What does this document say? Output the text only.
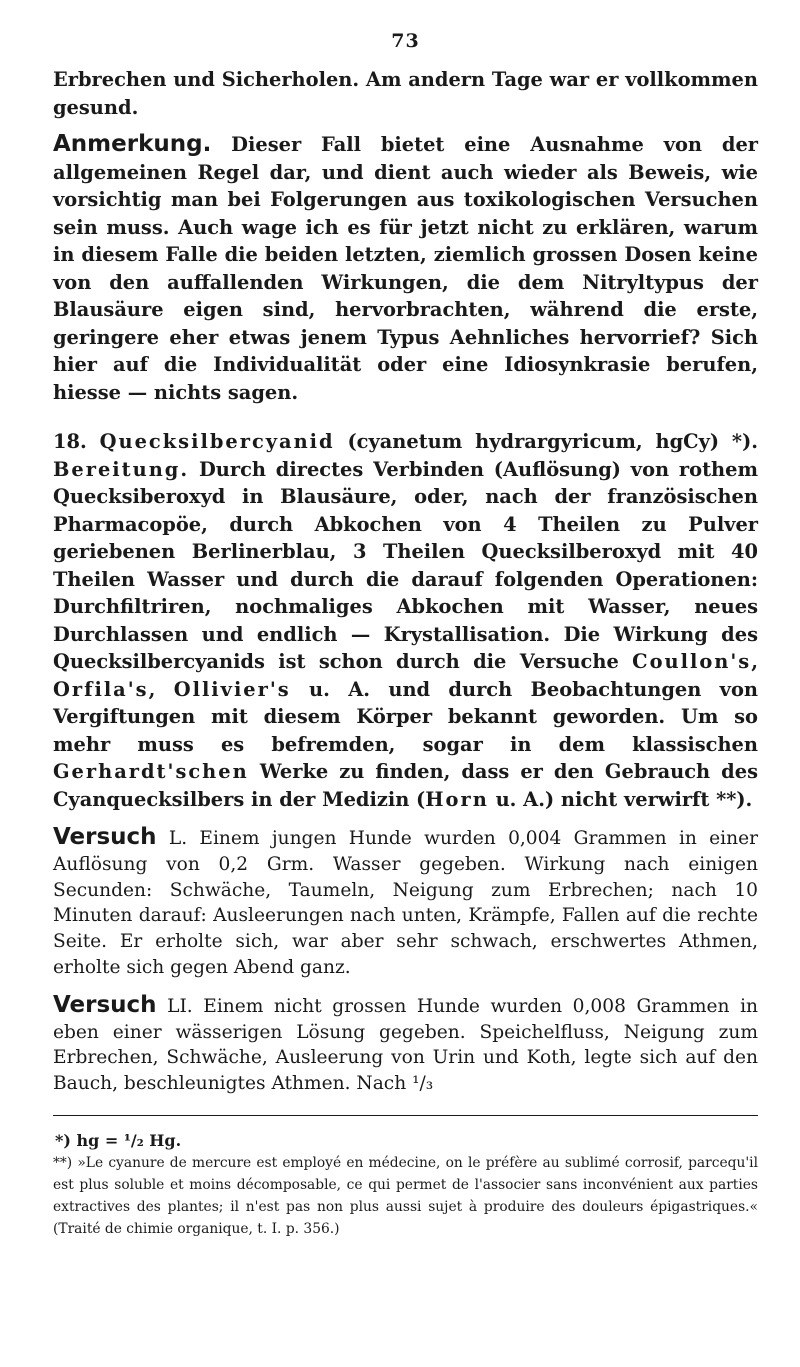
73

Erbrechen und Sicherholen. Am andern Tage war er vollkommen gesund.

Anmerkung. Dieser Fall bietet eine Ausnahme von der allgemeinen Regel dar, und dient auch wieder als Beweis, wie vorsichtig man bei Folgerungen aus toxikologischen Versuchen sein muss. Auch wage ich es für jetzt nicht zu erklären, warum in diesem Falle die beiden letzten, ziemlich grossen Dosen keine von den auffallenden Wirkungen, die dem Nitryltypus der Blausäure eigen sind, hervorbrachten, während die erste, geringere eher etwas jenem Typus Aehnliches hervorrief? Sich hier auf die Individualität oder eine Idiosynkrasie berufen, hiesse — nichts sagen.

18. Quecksilbercyanid (cyanetum hydrargyricum, hgCy) *). Bereitung. Durch directes Verbinden (Auflösung) von rothem Quecksiberoxyd in Blausäure, oder, nach der französischen Pharmacopöe, durch Abkochen von 4 Theilen zu Pulver geriebenen Berlinerblau, 3 Theilen Quecksilberoxyd mit 40 Theilen Wasser und durch die darauf folgenden Operationen: Durchfiltriren, nochmaliges Abkochen mit Wasser, neues Durchlassen und endlich — Krystallisation. Die Wirkung des Quecksilbercyanids ist schon durch die Versuche Coullon's, Orfila's, Ollivier's u. A. und durch Beobachtungen von Vergiftungen mit diesem Körper bekannt geworden. Um so mehr muss es befremden, sogar in dem klassischen Gerhardt'schen Werke zu finden, dass er den Gebrauch des Cyanquecksilbers in der Medizin (Horn u. A.) nicht verwirft **).

Versuch L. Einem jungen Hunde wurden 0,004 Grammen in einer Auflösung von 0,2 Grm. Wasser gegeben. Wirkung nach einigen Secunden: Schwäche, Taumeln, Neigung zum Erbrechen; nach 10 Minuten darauf: Ausleerungen nach unten, Krämpfe, Fallen auf die rechte Seite. Er erholte sich, war aber sehr schwach, erschwertes Athmen, erholte sich gegen Abend ganz.

Versuch LI. Einem nicht grossen Hunde wurden 0,008 Grammen in eben einer wässerigen Lösung gegeben. Speichelfluss, Neigung zum Erbrechen, Schwäche, Ausleerung von Urin und Koth, legte sich auf den Bauch, beschleunigtes Athmen. Nach ¹/₃

*) hg = ¹/₂ Hg.

**) »Le cyanure de mercure est employé en médecine, on le préfère au sublimé corrosif, parcequ'il est plus soluble et moins décomposable, ce qui permet de l'associer sans inconvénient aux parties extractives des plantes; il n'est pas non plus aussi sujet à produire des douleurs épigastriques.« (Traité de chimie organique, t. I. p. 356.)
